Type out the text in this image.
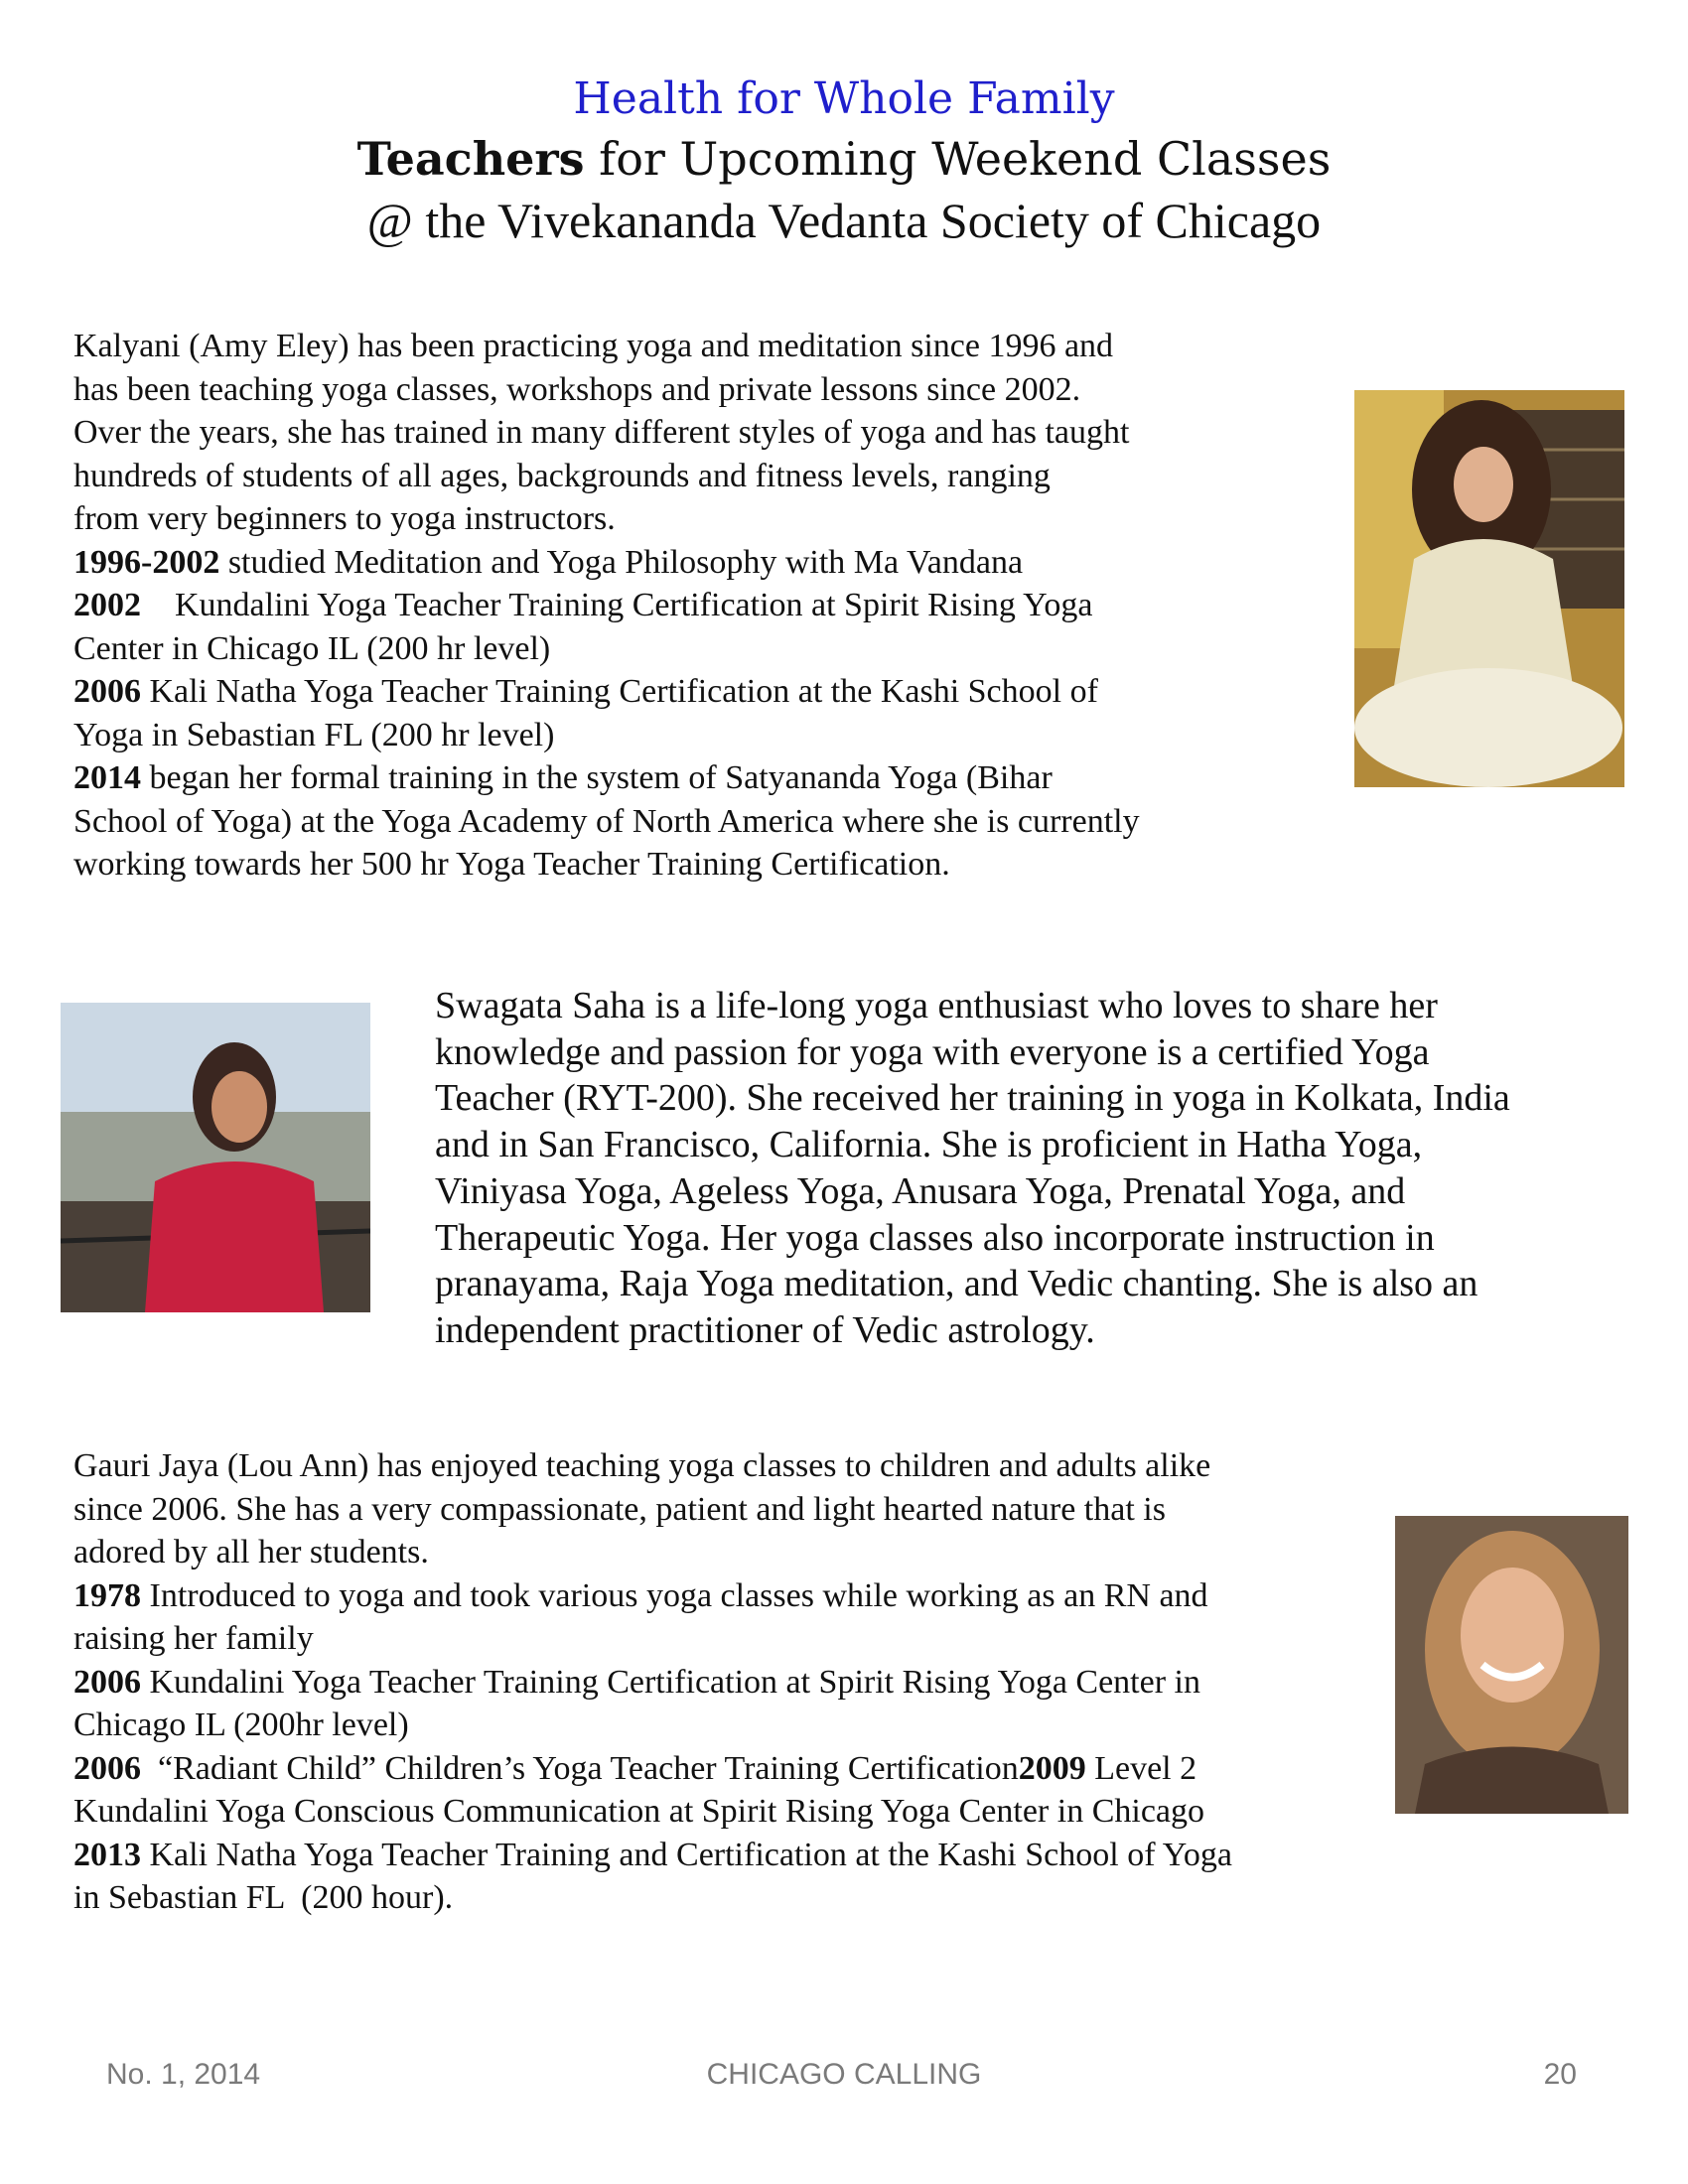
Health for Whole Family
Teachers for Upcoming Weekend Classes
@ the Vivekananda Vedanta Society of Chicago
Kalyani (Amy Eley) has been practicing yoga and meditation since 1996 and
has been teaching yoga classes, workshops and private lessons since 2002.
Over the years, she has trained in many different styles of yoga and has taught
hundreds of students of all ages, backgrounds and fitness levels, ranging
from very beginners to yoga instructors.
1996-2002 studied Meditation and Yoga Philosophy with Ma Vandana
2002    Kundalini Yoga Teacher Training Certification at Spirit Rising Yoga
Center in Chicago IL (200 hr level)
2006 Kali Natha Yoga Teacher Training Certification at the Kashi School of
Yoga in Sebastian FL (200 hr level)
2014 began her formal training in the system of Satyananda Yoga (Bihar
School of Yoga) at the Yoga Academy of North America where she is currently
working towards her 500 hr Yoga Teacher Training Certification.
Swagata Saha is a life-long yoga enthusiast who loves to share her
knowledge and passion for yoga with everyone is a certified Yoga
Teacher (RYT-200). She received her training in yoga in Kolkata, India
and in San Francisco, California. She is proficient in Hatha Yoga,
Viniyasa Yoga, Ageless Yoga, Anusara Yoga, Prenatal Yoga, and
Therapeutic Yoga. Her yoga classes also incorporate instruction in
pranayama, Raja Yoga meditation, and Vedic chanting. She is also an
independent practitioner of Vedic astrology.
Gauri Jaya (Lou Ann) has enjoyed teaching yoga classes to children and adults alike
since 2006. She has a very compassionate, patient and light hearted nature that is
adored by all her students.
1978 Introduced to yoga and took various yoga classes while working as an RN and
raising her family
2006 Kundalini Yoga Teacher Training Certification at Spirit Rising Yoga Center in
Chicago IL (200hr level)
2006  “Radiant Child” Children’s Yoga Teacher Training Certification2009 Level 2
Kundalini Yoga Conscious Communication at Spirit Rising Yoga Center in Chicago
2013 Kali Natha Yoga Teacher Training and Certification at the Kashi School of Yoga
in Sebastian FL  (200 hour).
No. 1, 2014	CHICAGO CALLING	20
